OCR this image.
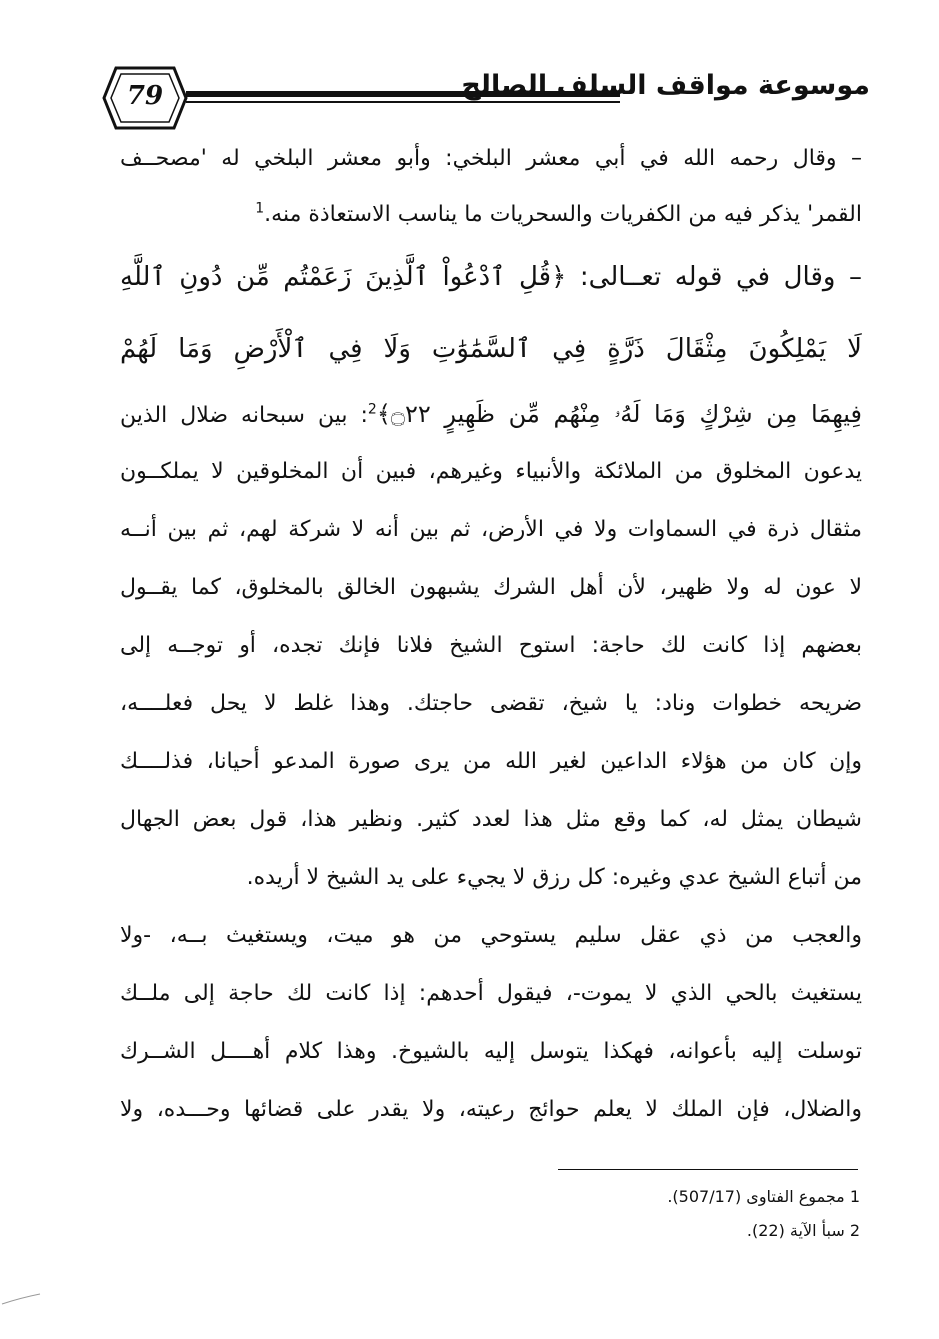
79	موسوعة مواقف السلف الصالح
– وقال رحمه الله في أبي معشر البلخي: وأبو معشر البلخي له 'مصحــف
القمر' يذكر فيه من الكفريات والسحريات ما يناسب الاستعاذة منه.$^1$
– وقال في قوله تعــالى: ﴿قُلِ ٱدْعُواْ ٱلَّذِينَ زَعَمْتُم مِّن دُونِ ٱللَّهِ
لَا يَمْلِكُونَ مِثْقَالَ ذَرَّةٍ فِي ٱلسَّمَٰوَٰتِ وَلَا فِي ٱلْأَرْضِ وَمَا لَهُمْ
فِيهِمَا مِن شِرْكٍ وَمَا لَهُۥ مِنْهُم مِّن ظَهِيرٍ ۝٢٢﴾$^2$: بين سبحانه ضلال الذين
يدعون المخلوق من الملائكة والأنبياء وغيرهم، فبين أن المخلوقين لا يملكــون
مثقال ذرة في السماوات ولا في الأرض، ثم بين أنه لا شركة لهم، ثم بين أنــه
لا عون له ولا ظهير، لأن أهل الشرك يشبهون الخالق بالمخلوق، كما يقــول
بعضهم إذا كانت لك حاجة: استوح الشيخ فلانا فإنك تجده، أو توجــه إلى
ضريحه خطوات وناد: يا شيخ، تقضى حاجتك. وهذا غلط لا يحل فعلــــه،
وإن كان من هؤلاء الداعين لغير الله من يرى صورة المدعو أحيانا، فذلــــك
شيطان يمثل له، كما وقع مثل هذا لعدد كثير. ونظير هذا، قول بعض الجهال
من أتباع الشيخ عدي وغيره: كل رزق لا يجيء على يد الشيخ لا أريده.
والعجب من ذي عقل سليم يستوحي من هو ميت، ويستغيث بــه، -ولا
يستغيث بالحي الذي لا يموت-، فيقول أحدهم: إذا كانت لك حاجة إلى ملــك
توسلت إليه بأعوانه، فهكذا يتوسل إليه بالشيوخ. وهذا كلام أهــــل الشــرك
والضلال، فإن الملك لا يعلم حوائج رعيته، ولا يقدر على قضائها وحـــده، ولا
1 مجموع الفتاوى (507/17).
2 سبأ الآية (22).
